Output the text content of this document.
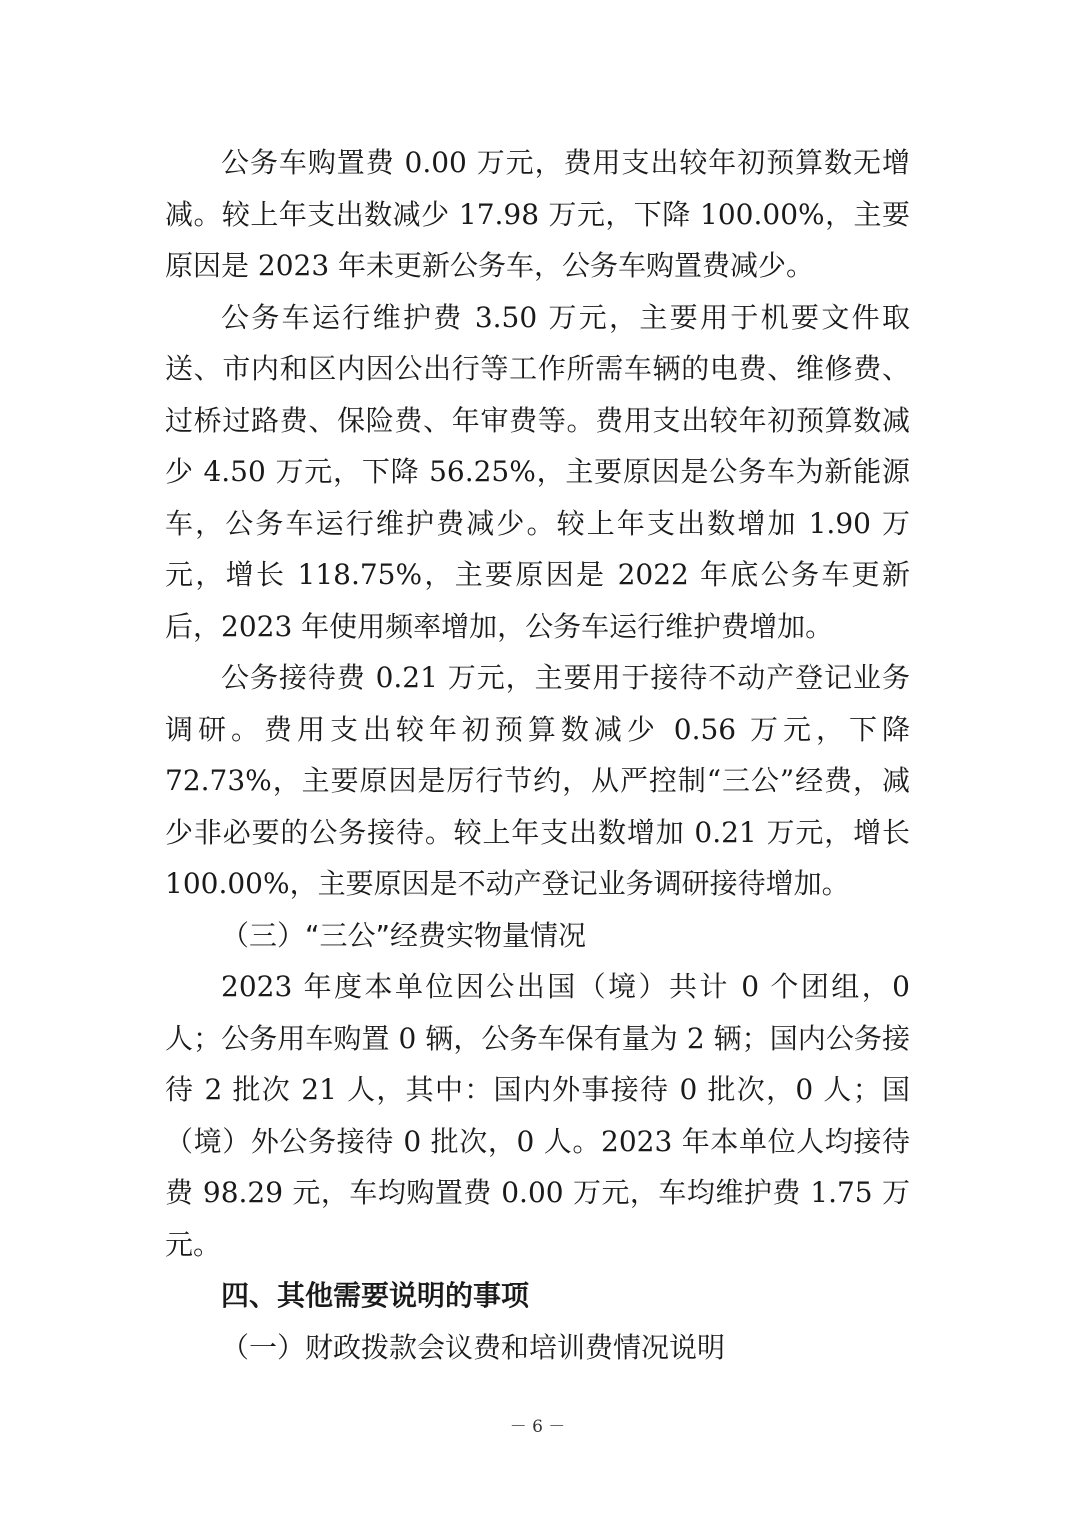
公务车购置费 0.00 万元，费用支出较年初预算数无增减。较上年支出数减少 17.98 万元，下降 100.00%，主要原因是 2023 年未更新公务车，公务车购置费减少。

公务车运行维护费 3.50 万元，主要用于机要文件取送、市内和区内因公出行等工作所需车辆的电费、维修费、过桥过路费、保险费、年审费等。费用支出较年初预算数减少 4.50 万元，下降 56.25%，主要原因是公务车为新能源车，公务车运行维护费减少。较上年支出数增加 1.90 万元，增长 118.75%，主要原因是 2022 年底公务车更新后，2023 年使用频率增加，公务车运行维护费增加。

公务接待费 0.21 万元，主要用于接待不动产登记业务调研。费用支出较年初预算数减少 0.56 万元，下降 72.73%，主要原因是厉行节约，从严控制“三公”经费，减少非必要的公务接待。较上年支出数增加 0.21 万元，增长 100.00%，主要原因是不动产登记业务调研接待增加。

（三）“三公”经费实物量情况

2023 年度本单位因公出国（境）共计 0 个团组，0 人；公务用车购置 0 辆，公务车保有量为 2 辆；国内公务接待 2 批次 21 人，其中：国内外事接待 0 批次，0 人；国（境）外公务接待 0 批次，0 人。2023 年本单位人均接待费 98.29 元，车均购置费 0.00 万元，车均维护费 1.75 万元。

四、其他需要说明的事项

（一）财政拨款会议费和培训费情况说明

－ 6 －
